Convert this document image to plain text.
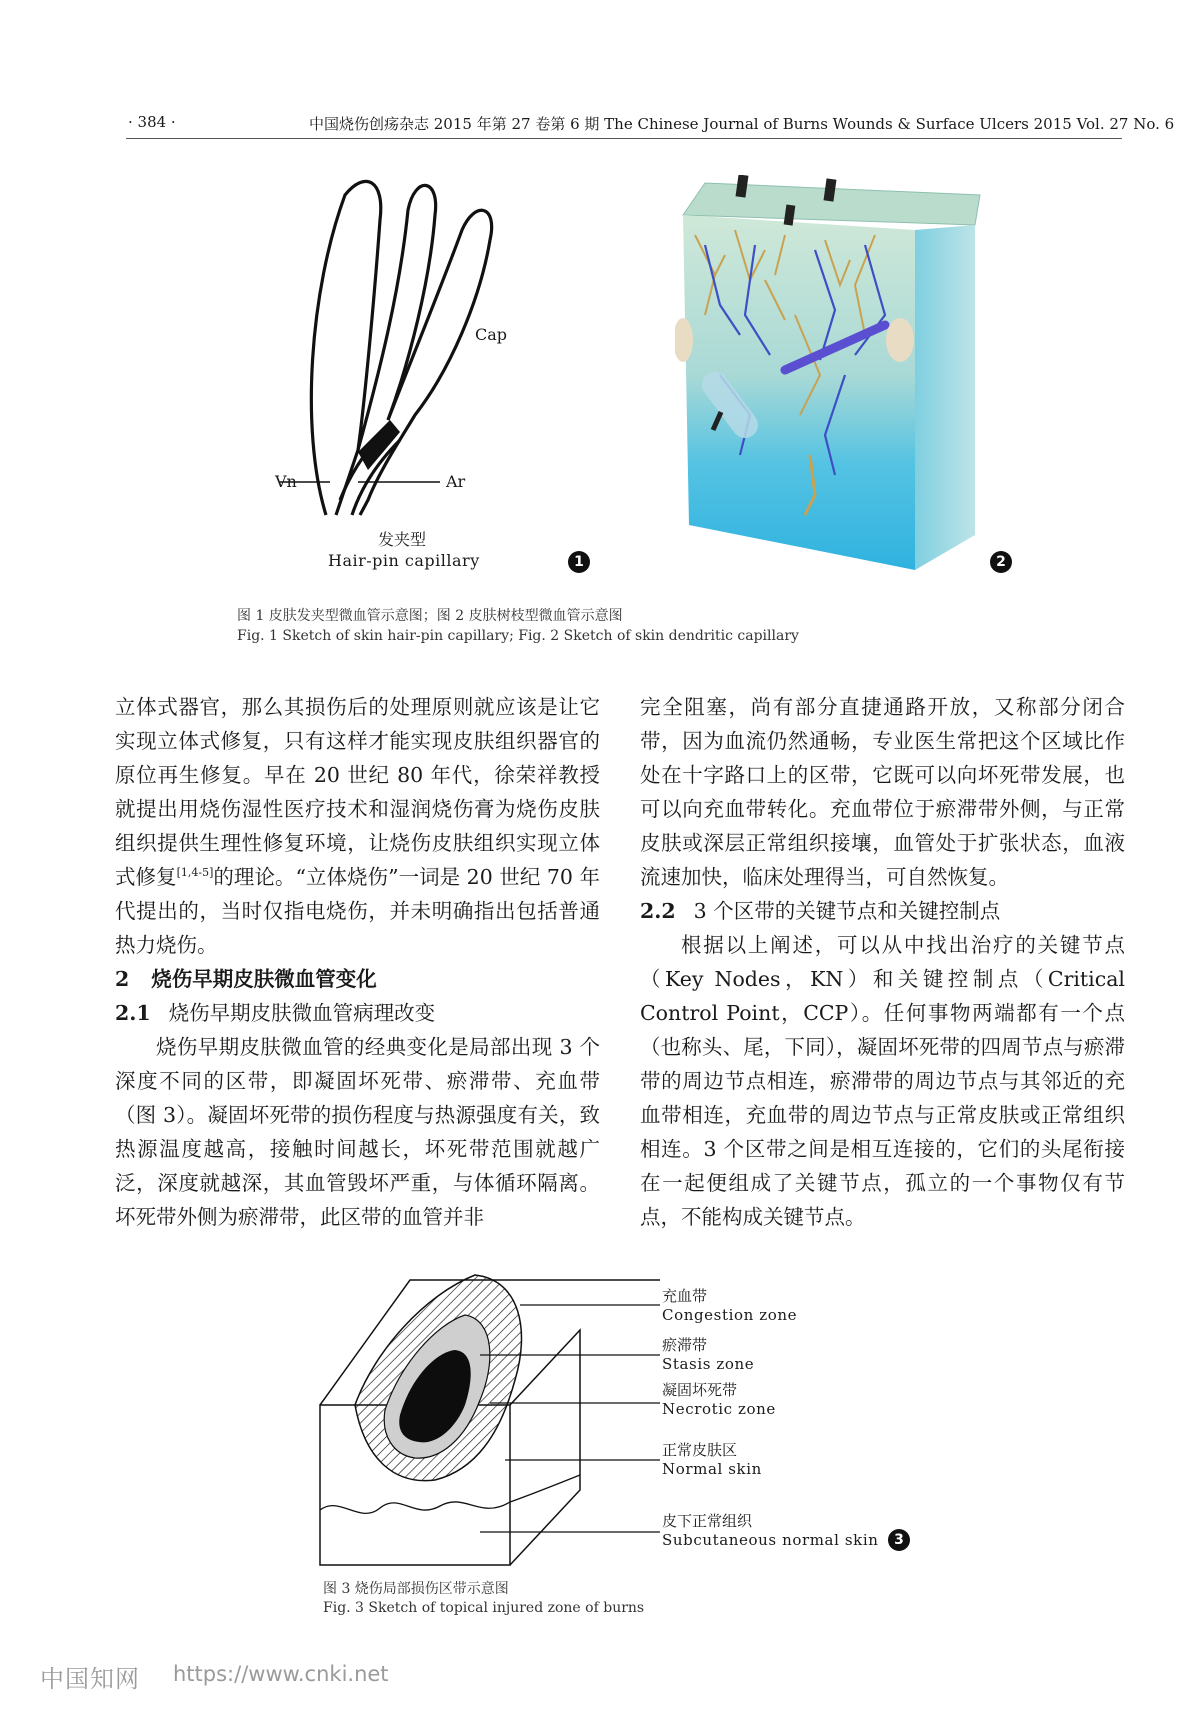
· 384 ·	中国烧伤创疡杂志 2015 年第 27 卷第 6 期 The Chinese Journal of Burns Wounds & Surface Ulcers 2015 Vol. 27 No. 6
Cap
Vn	Ar
发夹型
Hair-pin capillary	1	2
图 1 皮肤发夹型微血管示意图；图 2 皮肤树枝型微血管示意图
Fig. 1 Sketch of skin hair-pin capillary; Fig. 2 Sketch of skin dendritic capillary

立体式器官，那么其损伤后的处理原则就应该是让它实现立体式修复，只有这样才能实现皮肤组织器官的原位再生修复。早在 20 世纪 80 年代，徐荣祥教授就提出用烧伤湿性医疗技术和湿润烧伤膏为烧伤皮肤组织提供生理性修复环境，让烧伤皮肤组织实现立体式修复[1,4-5]的理论。“立体烧伤”一词是 20 世纪 70 年代提出的，当时仅指电烧伤，并未明确指出包括普通热力烧伤。

2 烧伤早期皮肤微血管变化
2.1 烧伤早期皮肤微血管病理改变

烧伤早期皮肤微血管的经典变化是局部出现 3 个深度不同的区带，即凝固坏死带、瘀滞带、充血带（图 3）。凝固坏死带的损伤程度与热源强度有关，致热源温度越高，接触时间越长，坏死带范围就越广泛，深度就越深，其血管毁坏严重，与体循环隔离。坏死带外侧为瘀滞带，此区带的血管并非

完全阻塞，尚有部分直捷通路开放，又称部分闭合带，因为血流仍然通畅，专业医生常把这个区域比作处在十字路口上的区带，它既可以向坏死带发展，也可以向充血带转化。充血带位于瘀滞带外侧，与正常皮肤或深层正常组织接壤，血管处于扩张状态，血液流速加快，临床处理得当，可自然恢复。

2.2 3 个区带的关键节点和关键控制点

根据以上阐述，可以从中找出治疗的关键节点（Key Nodes，KN）和关键控制点（Critical Control Point，CCP）。任何事物两端都有一个点（也称头、尾，下同），凝固坏死带的四周节点与瘀滞带的周边节点相连，瘀滞带的周边节点与其邻近的充血带相连，充血带的周边节点与正常皮肤或正常组织相连。3 个区带之间是相互连接的，它们的头尾衔接在一起便组成了关键节点，孤立的一个事物仅有节点，不能构成关键节点。

充血带
Congestion zone
瘀滞带
Stasis zone
凝固坏死带
Necrotic zone
正常皮肤区
Normal skin
皮下正常组织
Subcutaneous normal skin	3
图 3 烧伤局部损伤区带示意图
Fig. 3 Sketch of topical injured zone of burns
中国知网 https://www.cnki.net
